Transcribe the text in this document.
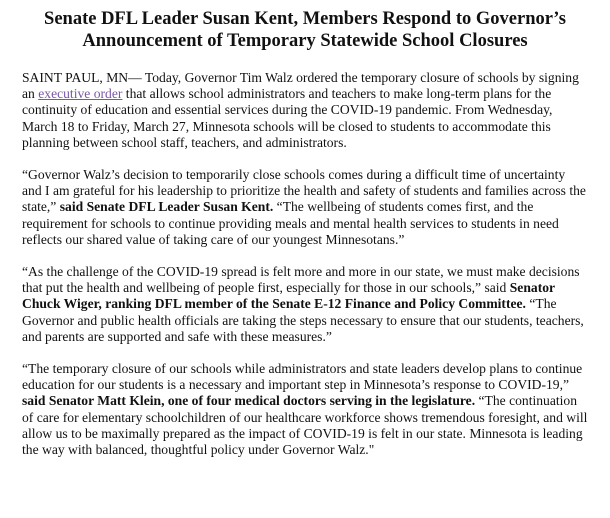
Senate DFL Leader Susan Kent, Members Respond to Governor’s
Announcement of Temporary Statewide School Closures

SAINT PAUL, MN— Today, Governor Tim Walz ordered the temporary closure of schools by signing an executive order that allows school administrators and teachers to make long-term plans for the continuity of education and essential services during the COVID-19 pandemic. From Wednesday, March 18 to Friday, March 27, Minnesota schools will be closed to students to accommodate this planning between school staff, teachers, and administrators.

“Governor Walz’s decision to temporarily close schools comes during a difficult time of uncertainty and I am grateful for his leadership to prioritize the health and safety of students and families across the state,” said Senate DFL Leader Susan Kent. “The wellbeing of students comes first, and the requirement for schools to continue providing meals and mental health services to students in need reflects our shared value of taking care of our youngest Minnesotans.”

“As the challenge of the COVID-19 spread is felt more and more in our state, we must make decisions that put the health and wellbeing of people first, especially for those in our schools,” said Senator Chuck Wiger, ranking DFL member of the Senate E-12 Finance and Policy Committee. “The Governor and public health officials are taking the steps necessary to ensure that our students, teachers, and parents are supported and safe with these measures.”

“The temporary closure of our schools while administrators and state leaders develop plans to continue education for our students is a necessary and important step in Minnesota’s response to COVID-19,” said Senator Matt Klein, one of four medical doctors serving in the legislature. “The continuation of care for elementary schoolchildren of our healthcare workforce shows tremendous foresight, and will allow us to be maximally prepared as the impact of COVID-19 is felt in our state. Minnesota is leading the way with balanced, thoughtful policy under Governor Walz."
